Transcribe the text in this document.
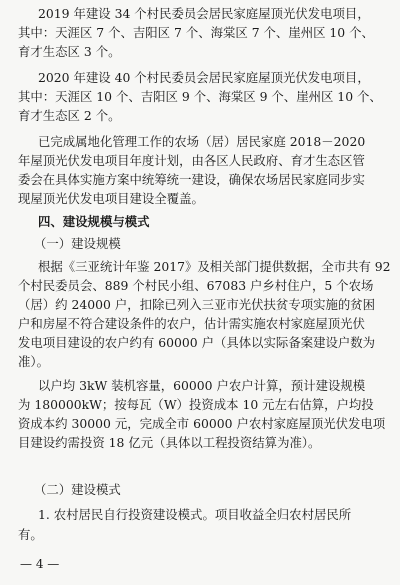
2019 年建设 34 个村民委员会居民家庭屋顶光伏发电项目，
其中：天涯区 7 个、吉阳区 7 个、海棠区 7 个、崖州区 10 个、
育才生态区 3 个。
2020 年建设 40 个村民委员会居民家庭屋顶光伏发电项目，
其中：天涯区 10 个、吉阳区 9 个、海棠区 9 个、崖州区 10 个、
育才生态区 2 个。
已完成属地化管理工作的农场（居）居民家庭 2018－2020
年屋顶光伏发电项目年度计划，由各区人民政府、育才生态区管
委会在具体实施方案中统筹统一建设，确保农场居民家庭同步实
现屋顶光伏发电项目建设全覆盖。
四、建设规模与模式
（一）建设规模
根据《三亚统计年鉴 2017》及相关部门提供数据，全市共有 92
个村民委员会、889 个村民小组、67083 户乡村住户，5 个农场
（居）约 24000 户，扣除已列入三亚市光伏扶贫专项实施的贫困
户和房屋不符合建设条件的农户，估计需实施农村家庭屋顶光伏
发电项目建设的农户约有 60000 户（具体以实际备案建设户数为
准）。
以户均 3kW 装机容量，60000 户农户计算，预计建设规模
为 180000kW；按每瓦（W）投资成本 10 元左右估算，户均投
资成本约 30000 元，完成全市 60000 户农村家庭屋顶光伏发电项
目建设约需投资 18 亿元（具体以工程投资结算为准）。
（二）建设模式
1. 农村居民自行投资建设模式。项目收益全归农村居民所
有。
— 4 —
